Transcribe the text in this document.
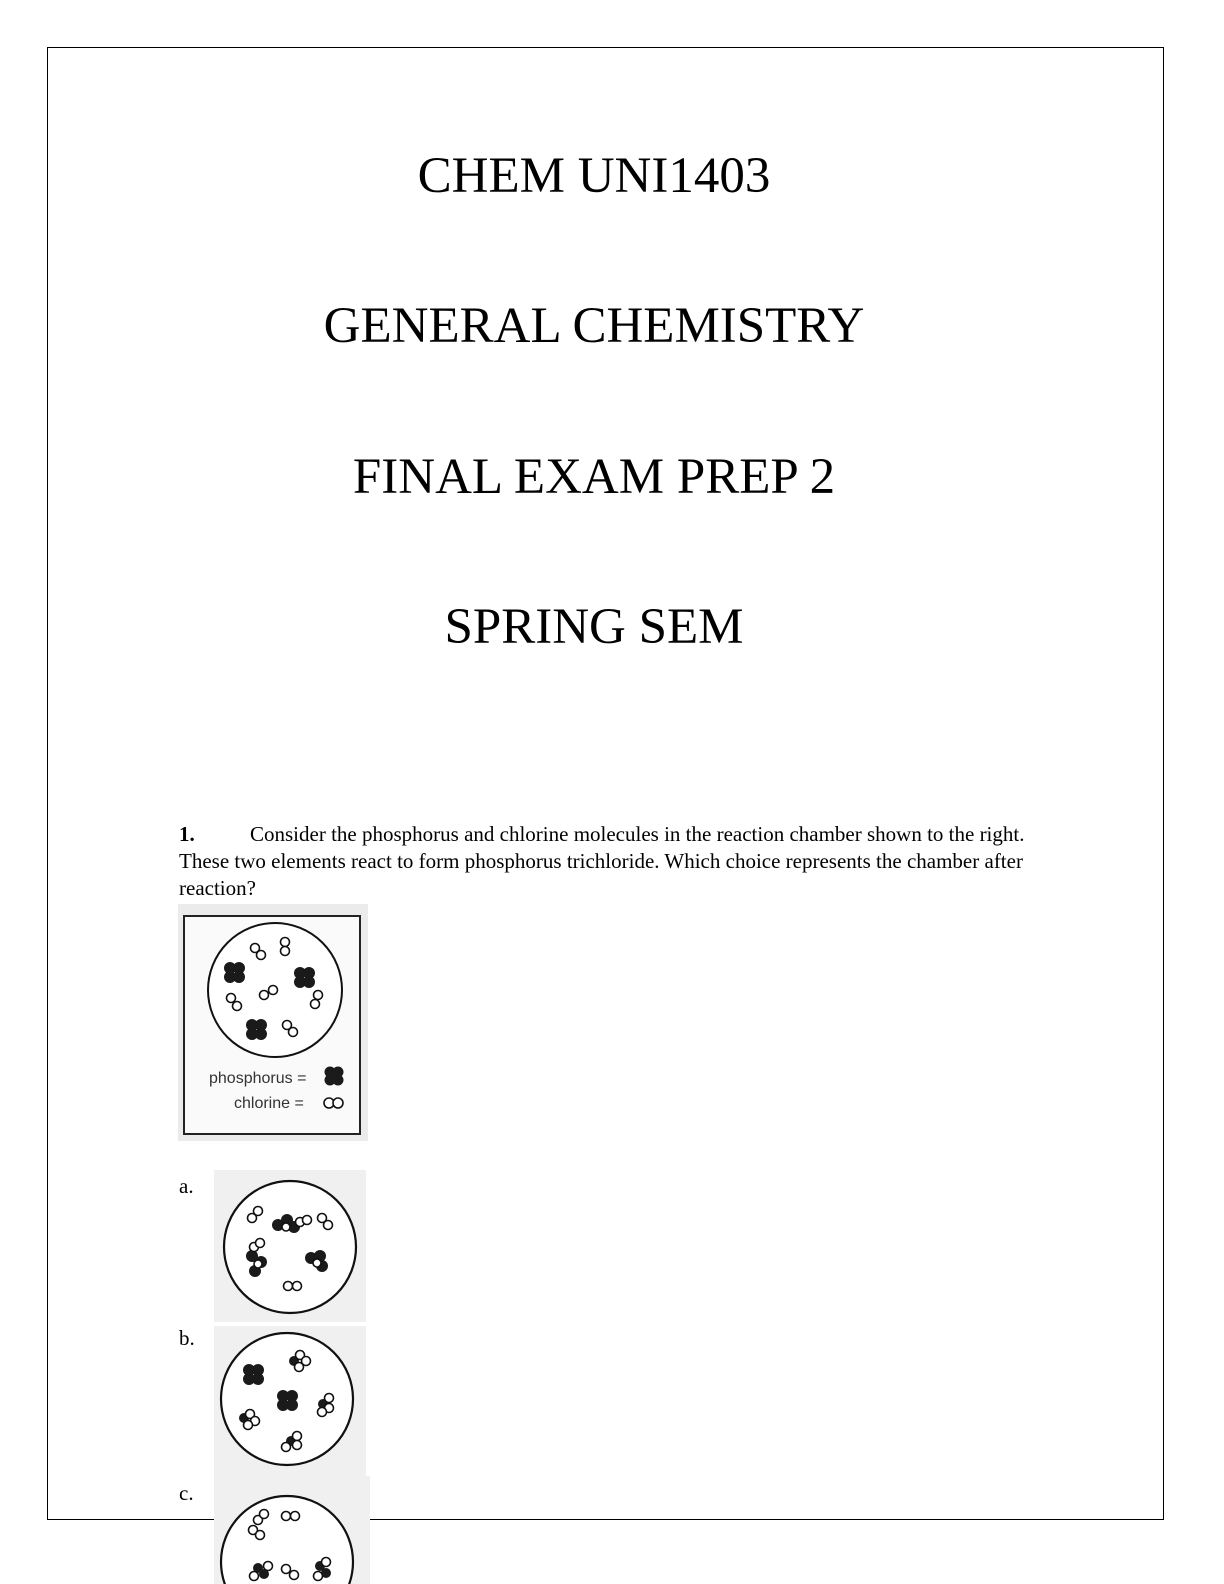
CHEM UNI1403
GENERAL CHEMISTRY
FINAL EXAM PREP 2
SPRING SEM
1.	Consider the phosphorus and chlorine molecules in the reaction chamber shown to the right. These two elements react to form phosphorus trichloride. Which choice represents the chamber after reaction?
phosphorus =
chlorine =
a.
b.
c.
